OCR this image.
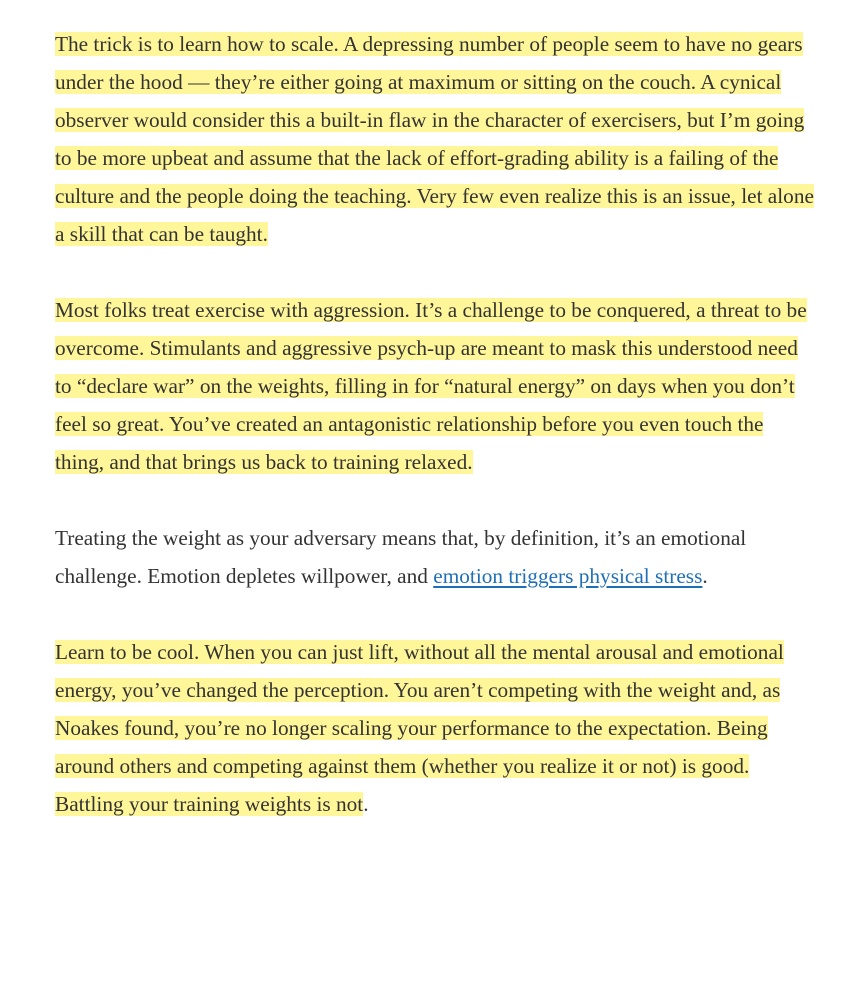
The trick is to learn how to scale. A depressing number of people seem to have no gears under the hood — they’re either going at maximum or sitting on the couch. A cynical observer would consider this a built-in flaw in the character of exercisers, but I’m going to be more upbeat and assume that the lack of effort-grading ability is a failing of the culture and the people doing the teaching. Very few even realize this is an issue, let alone a skill that can be taught.

Most folks treat exercise with aggression. It’s a challenge to be conquered, a threat to be overcome. Stimulants and aggressive psych-up are meant to mask this understood need to “declare war” on the weights, filling in for “natural energy” on days when you don’t feel so great. You’ve created an antagonistic relationship before you even touch the thing, and that brings us back to training relaxed.

Treating the weight as your adversary means that, by definition, it’s an emotional challenge. Emotion depletes willpower, and emotion triggers physical stress.

Learn to be cool. When you can just lift, without all the mental arousal and emotional energy, you’ve changed the perception. You aren’t competing with the weight and, as Noakes found, you’re no longer scaling your performance to the expectation. Being around others and competing against them (whether you realize it or not) is good. Battling your training weights is not.
